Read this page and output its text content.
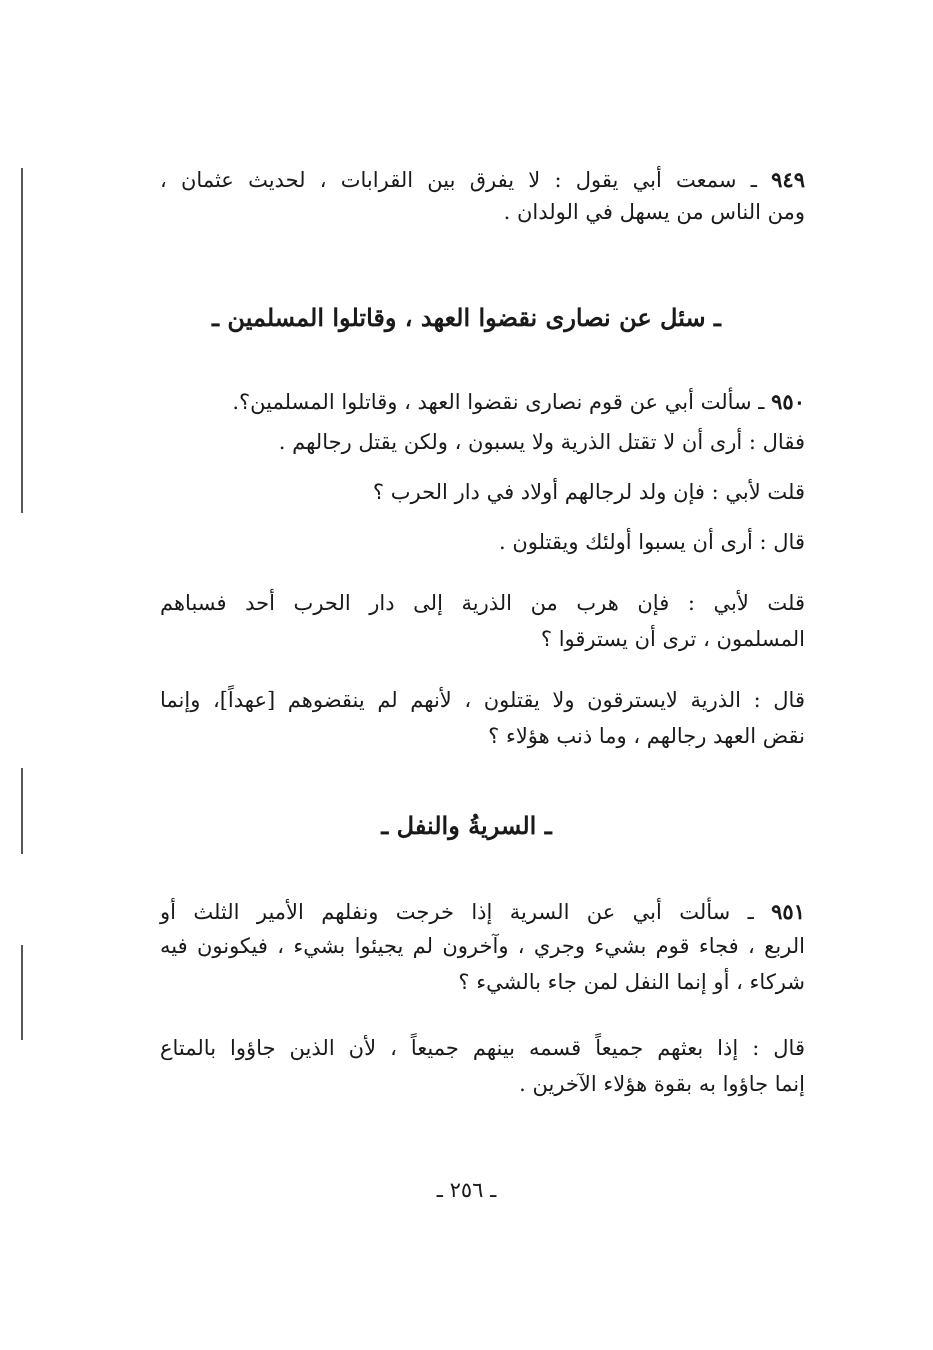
٩٤٩ ـ سمعت أبي يقول : لا يفرق بين القرابات ، لحديث عثمان ،
ومن الناس من يسهل في الولدان .
ـ سئل عن نصارى نقضوا العهد ، وقاتلوا المسلمين ـ
٩٥٠ ـ سألت أبي عن قوم نصارى نقضوا العهد ، وقاتلوا المسلمين؟.
فقال : أرى أن لا تقتل الذرية ولا يسبون ، ولكن يقتل رجالهم .
قلت لأبي : فإن ولد لرجالهم أولاد في دار الحرب ؟
قال : أرى أن يسبوا أولئك ويقتلون .
قلت لأبي : فإن هرب من الذرية إلى دار الحرب أحد فسباهم
المسلمون ، ترى أن يسترقوا ؟
قال : الذرية لايسترقون ولا يقتلون ، لأنهم لم ينقضوهم [عهداً]، وإنما
نقض العهد رجالهم ، وما ذنب هؤلاء ؟
ـ السريةُ والنفل ـ
٩٥١ ـ سألت أبي عن السرية إذا خرجت ونفلهم الأمير الثلث أو
الربع ، فجاء قوم بشيء وجري ، وآخرون لم يجيئوا بشيء ، فيكونون فيه
شركاء ، أو إنما النفل لمن جاء بالشيء ؟
قال : إذا بعثهم جميعاً قسمه بينهم جميعاً ، لأن الذين جاؤوا بالمتاع
إنما جاؤوا به بقوة هؤلاء الآخرين .
ـ ٢٥٦ ـ
